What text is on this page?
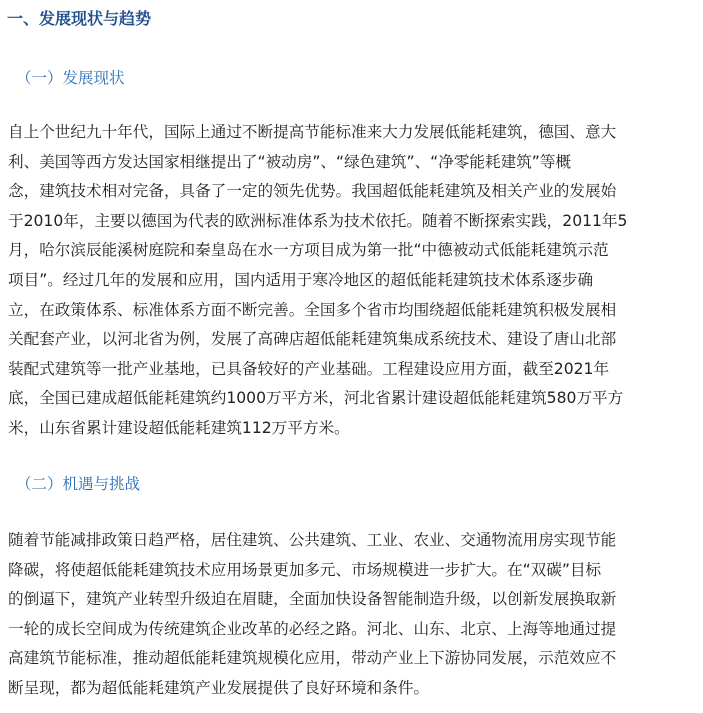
一、发展现状与趋势
（一）发展现状
自上个世纪九十年代，国际上通过不断提高节能标准来大力发展低能耗建筑，德国、意大
利、美国等西方发达国家相继提出了“被动房”、“绿色建筑”、“净零能耗建筑”等概
念，建筑技术相对完备，具备了一定的领先优势。我国超低能耗建筑及相关产业的发展始
于2010年，主要以德国为代表的欧洲标准体系为技术依托。随着不断探索实践，2011年5
月，哈尔滨辰能溪树庭院和秦皇岛在水一方项目成为第一批“中德被动式低能耗建筑示范
项目”。经过几年的发展和应用，国内适用于寒冷地区的超低能耗建筑技术体系逐步确
立，在政策体系、标准体系方面不断完善。全国多个省市均围绕超低能耗建筑积极发展相
关配套产业，以河北省为例，发展了高碑店超低能耗建筑集成系统技术、建设了唐山北部
装配式建筑等一批产业基地，已具备较好的产业基础。工程建设应用方面，截至2021年
底，全国已建成超低能耗建筑约1000万平方米，河北省累计建设超低能耗建筑580万平方
米，山东省累计建设超低能耗建筑112万平方米。
（二）机遇与挑战
随着节能减排政策日趋严格，居住建筑、公共建筑、工业、农业、交通物流用房实现节能
降碳，将使超低能耗建筑技术应用场景更加多元、市场规模进一步扩大。在“双碳”目标
的倒逼下，建筑产业转型升级迫在眉睫，全面加快设备智能制造升级，以创新发展换取新
一轮的成长空间成为传统建筑企业改革的必经之路。河北、山东、北京、上海等地通过提
高建筑节能标准，推动超低能耗建筑规模化应用，带动产业上下游协同发展，示范效应不
断呈现，都为超低能耗建筑产业发展提供了良好环境和条件。
